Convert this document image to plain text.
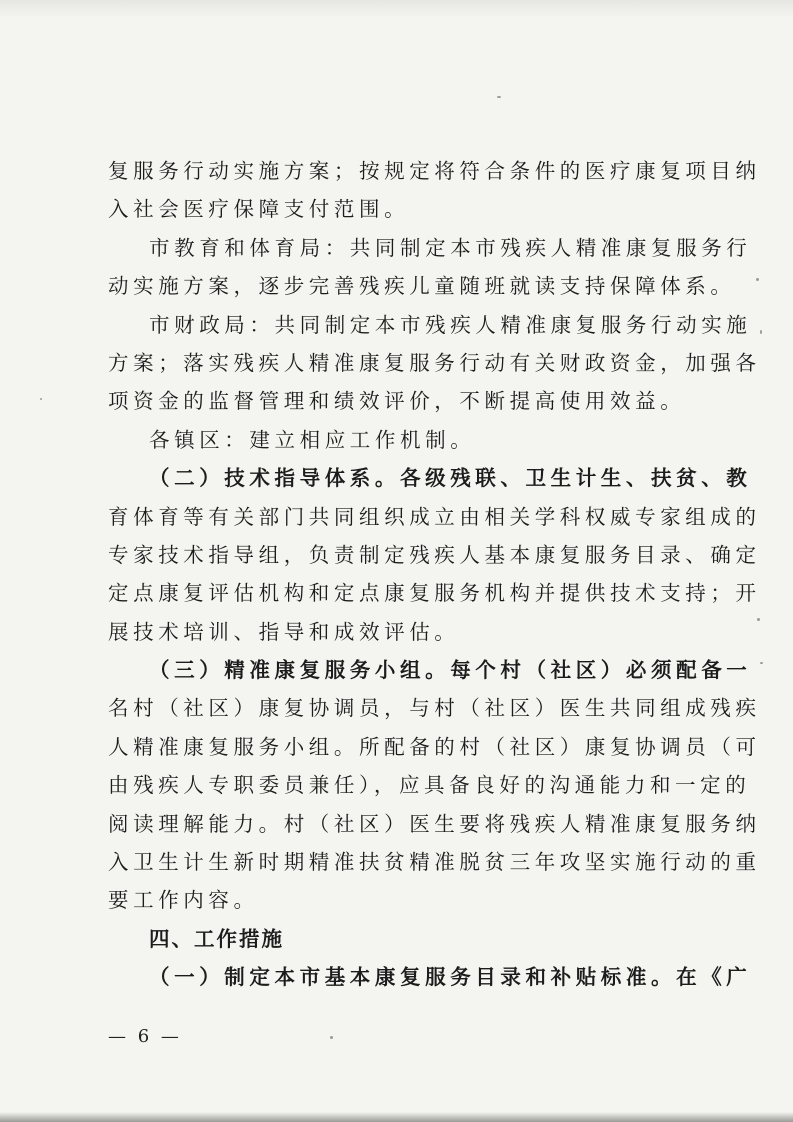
复服务行动实施方案；按规定将符合条件的医疗康复项目纳
入社会医疗保障支付范围。
市教育和体育局：共同制定本市残疾人精准康复服务行
动实施方案，逐步完善残疾儿童随班就读支持保障体系。
市财政局：共同制定本市残疾人精准康复服务行动实施
方案；落实残疾人精准康复服务行动有关财政资金，加强各
项资金的监督管理和绩效评价，不断提高使用效益。
各镇区：建立相应工作机制。
（二）技术指导体系。各级残联、卫生计生、扶贫、教
育体育等有关部门共同组织成立由相关学科权威专家组成的
专家技术指导组，负责制定残疾人基本康复服务目录、确定
定点康复评估机构和定点康复服务机构并提供技术支持；开
展技术培训、指导和成效评估。
（三）精准康复服务小组。每个村（社区）必须配备一
名村（社区）康复协调员，与村（社区）医生共同组成残疾
人精准康复服务小组。所配备的村（社区）康复协调员（可
由残疾人专职委员兼任），应具备良好的沟通能力和一定的
阅读理解能力。村（社区）医生要将残疾人精准康复服务纳
入卫生计生新时期精准扶贫精准脱贫三年攻坚实施行动的重
要工作内容。
四、工作措施
（一）制定本市基本康复服务目录和补贴标准。在《广
— 6 —
